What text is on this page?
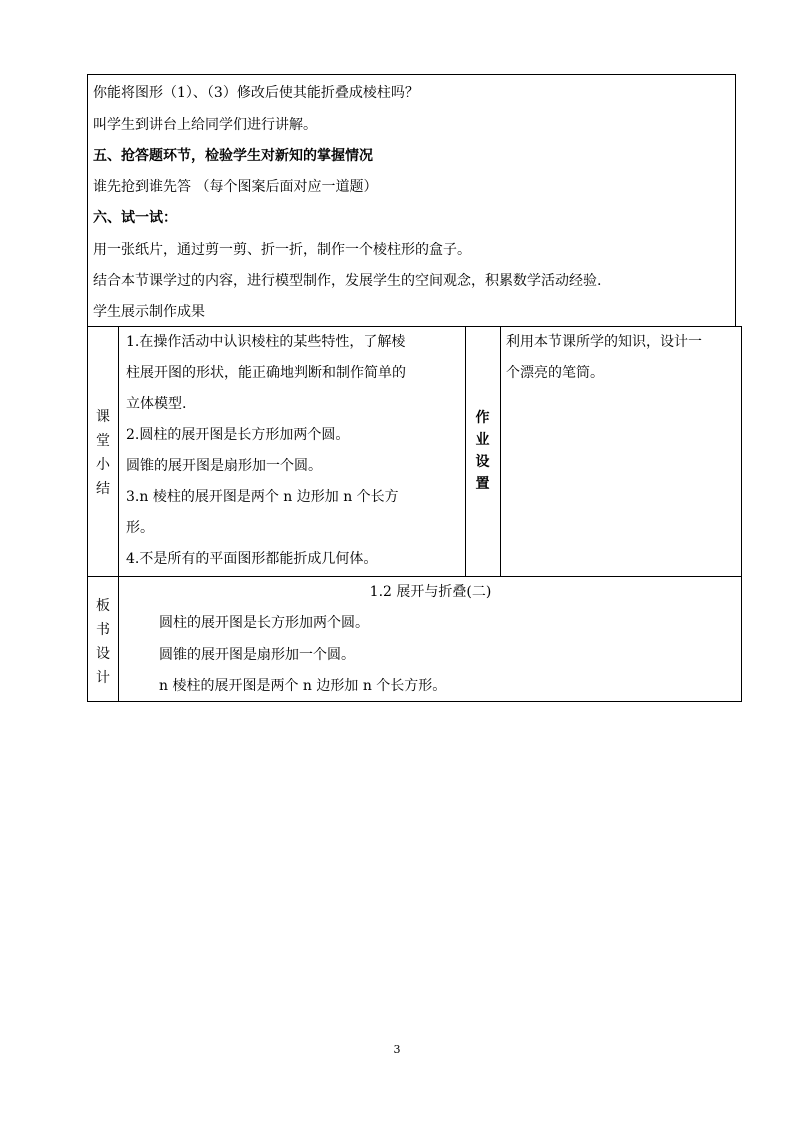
你能将图形（1）、（3）修改后使其能折叠成棱柱吗？
叫学生到讲台上给同学们进行讲解。
五、抢答题环节，检验学生对新知的掌握情况
谁先抢到谁先答 （每个图案后面对应一道题）
六、试一试：
用一张纸片，通过剪一剪、折一折，制作一个棱柱形的盒子。
结合本节课学过的内容，进行模型制作，发展学生的空间观念，积累数学活动经验.
学生展示制作成果
课
堂
小
结
1.在操作活动中认识棱柱的某些特性，了解棱
柱展开图的形状，能正确地判断和制作简单的
立体模型.
2.圆柱的展开图是长方形加两个圆。
圆锥的展开图是扇形加一个圆。
3.n 棱柱的展开图是两个 n 边形加 n 个长方
形。
4.不是所有的平面图形都能折成几何体。
作
业
设
置
利用本节课所学的知识，设计一
个漂亮的笔筒。
板
书
设
计
1.2 展开与折叠(二)
圆柱的展开图是长方形加两个圆。
圆锥的展开图是扇形加一个圆。
n 棱柱的展开图是两个 n 边形加 n 个长方形。
3
